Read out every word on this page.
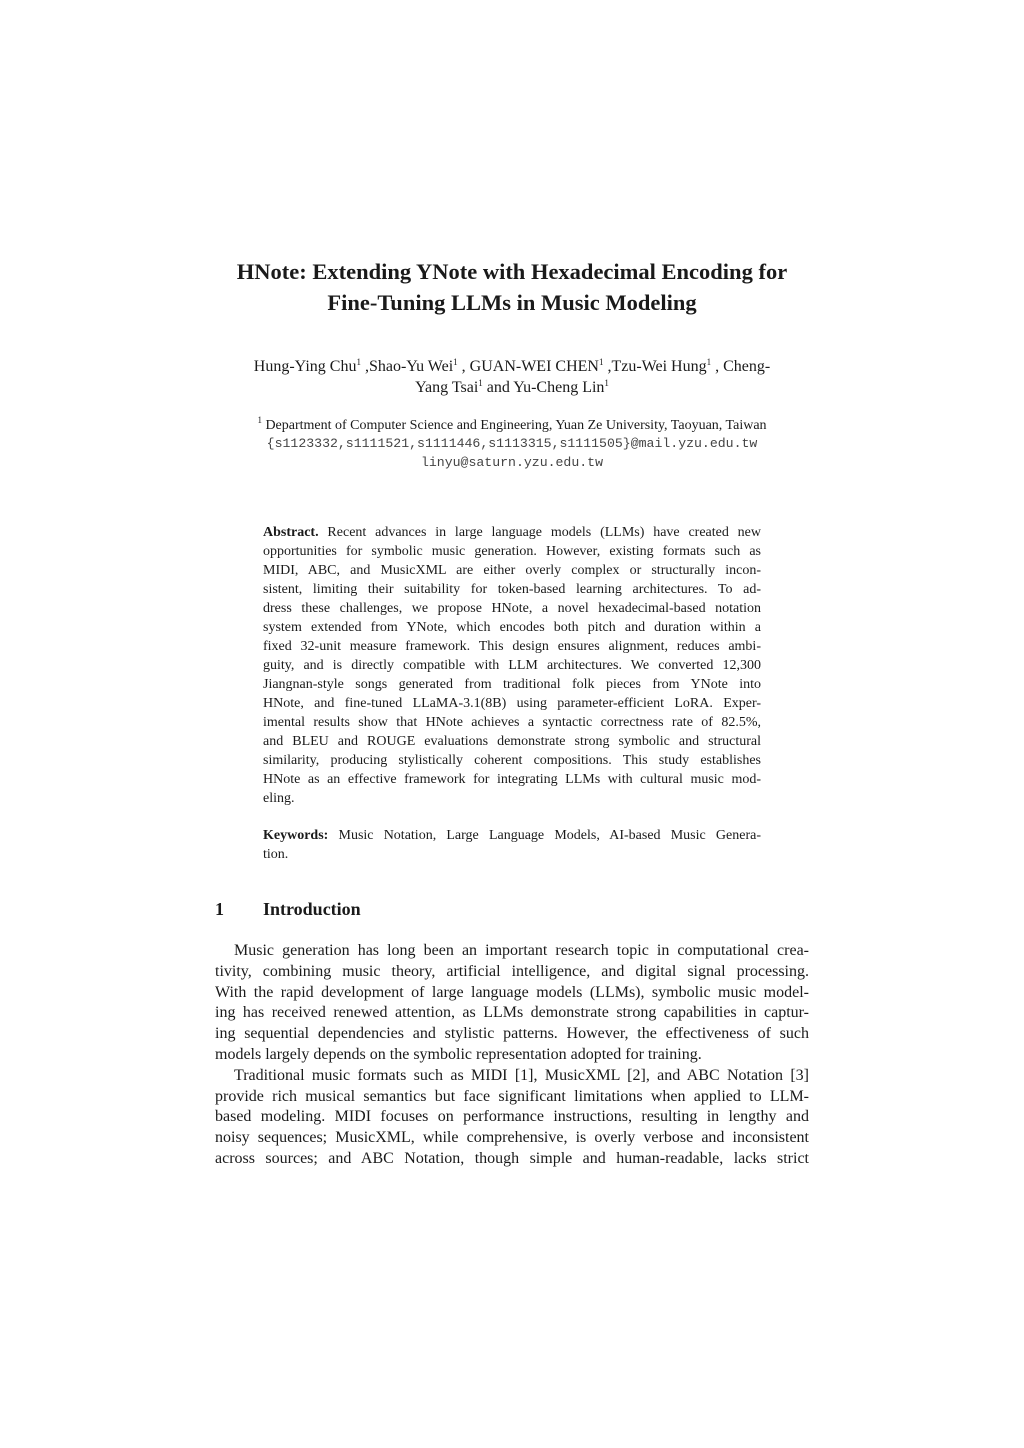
HNote: Extending YNote with Hexadecimal Encoding for
Fine-Tuning LLMs in Music Modeling
Hung-Ying Chu$^1$ ,Shao-Yu Wei$^1$ , GUAN-WEI CHEN$^1$ ,Tzu-Wei Hung$^1$ , Cheng-
Yang Tsai$^1$ and Yu-Cheng Lin$^1$
$^1$ Department of Computer Science and Engineering, Yuan Ze University, Taoyuan, Taiwan
{s1123332,s1111521,s1111446,s1113315,s1111505}@mail.yzu.edu.tw
linyu@saturn.yzu.edu.tw
Abstract. Recent advances in large language models (LLMs) have created new
opportunities for symbolic music generation. However, existing formats such as
MIDI, ABC, and MusicXML are either overly complex or structurally incon-
sistent, limiting their suitability for token-based learning architectures. To ad-
dress these challenges, we propose HNote, a novel hexadecimal-based notation
system extended from YNote, which encodes both pitch and duration within a
fixed 32-unit measure framework. This design ensures alignment, reduces ambi-
guity, and is directly compatible with LLM architectures. We converted 12,300
Jiangnan-style songs generated from traditional folk pieces from YNote into
HNote, and fine-tuned LLaMA-3.1(8B) using parameter-efficient LoRA. Exper-
imental results show that HNote achieves a syntactic correctness rate of 82.5%,
and BLEU and ROUGE evaluations demonstrate strong symbolic and structural
similarity, producing stylistically coherent compositions. This study establishes
HNote as an effective framework for integrating LLMs with cultural music mod-
eling.
Keywords: Music Notation, Large Language Models, AI-based Music Genera-
tion.
1 Introduction
Music generation has long been an important research topic in computational crea-
tivity, combining music theory, artificial intelligence, and digital signal processing.
With the rapid development of large language models (LLMs), symbolic music model-
ing has received renewed attention, as LLMs demonstrate strong capabilities in captur-
ing sequential dependencies and stylistic patterns. However, the effectiveness of such
models largely depends on the symbolic representation adopted for training.
Traditional music formats such as MIDI [1], MusicXML [2], and ABC Notation [3]
provide rich musical semantics but face significant limitations when applied to LLM-
based modeling. MIDI focuses on performance instructions, resulting in lengthy and
noisy sequences; MusicXML, while comprehensive, is overly verbose and inconsistent
across sources; and ABC Notation, though simple and human-readable, lacks strict
